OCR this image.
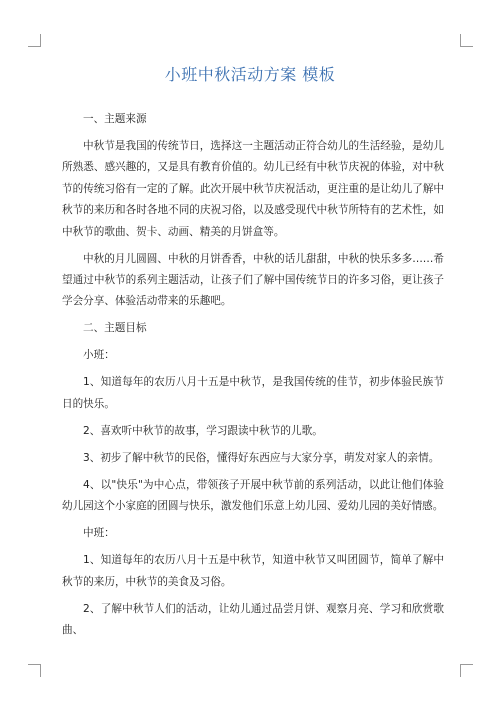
小班中秋活动方案 模板

一、主题来源

中秋节是我国的传统节日，选择这一主题活动正符合幼儿的生活经验，是幼儿所熟悉、感兴趣的，又是具有教育价值的。幼儿已经有中秋节庆祝的体验，对中秋节的传统习俗有一定的了解。此次开展中秋节庆祝活动，更注重的是让幼儿了解中秋节的来历和各时各地不同的庆祝习俗，以及感受现代中秋节所特有的艺术性，如中秋节的歌曲、贺卡、动画、精美的月饼盒等。

中秋的月儿圆圆、中秋的月饼香香，中秋的话儿甜甜，中秋的快乐多多……希望通过中秋节的系列主题活动，让孩子们了解中国传统节日的许多习俗，更让孩子学会分享、体验活动带来的乐趣吧。

二、主题目标

小班：

1、知道每年的农历八月十五是中秋节，是我国传统的佳节，初步体验民族节日的快乐。

2、喜欢听中秋节的故事，学习跟读中秋节的儿歌。

3、初步了解中秋节的民俗，懂得好东西应与大家分享，萌发对家人的亲情。

4、以"快乐"为中心点，带领孩子开展中秋节前的系列活动，以此让他们体验幼儿园这个小家庭的团圆与快乐，激发他们乐意上幼儿园、爱幼儿园的美好情感。

中班：

1、知道每年的农历八月十五是中秋节，知道中秋节又叫团圆节，简单了解中秋节的来历，中秋节的美食及习俗。

2、了解中秋节人们的活动，让幼儿通过品尝月饼、观察月亮、学习和欣赏歌曲、
